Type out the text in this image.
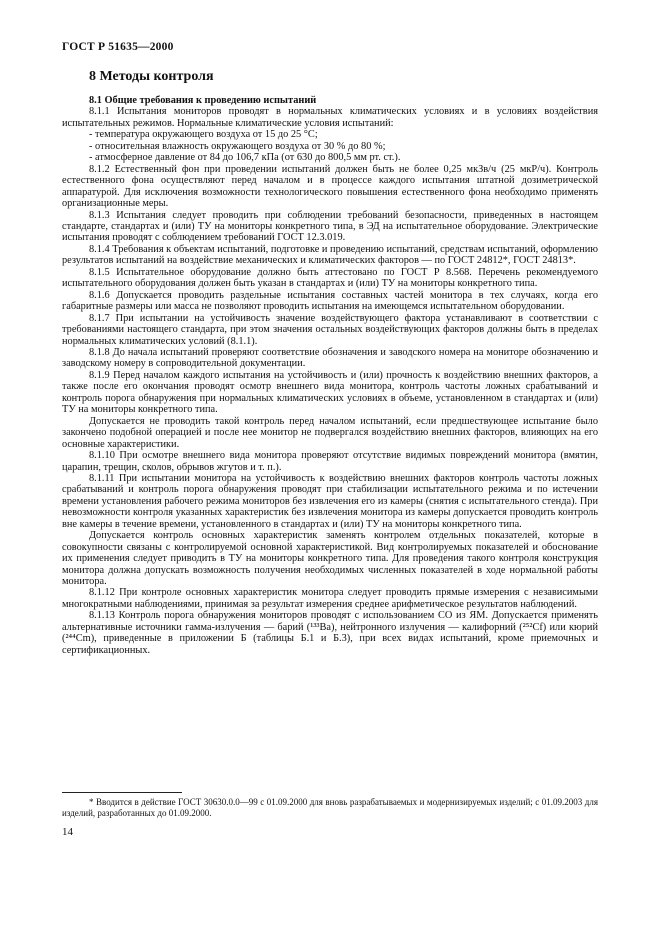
ГОСТ Р 51635—2000
8 Методы контроля

8.1 Общие требования к проведению испытаний

8.1.1 Испытания мониторов проводят в нормальных климатических условиях и в условиях воздействия испытательных режимов. Нормальные климатические условия испытаний:

- температура окружающего воздуха от 15 до 25 °С;

- относительная влажность окружающего воздуха от 30 % до 80 %;

- атмосферное давление от 84 до 106,7 кПа (от 630 до 800,5 мм рт. ст.).

8.1.2 Естественный фон при проведении испытаний должен быть не более 0,25 мкЗв/ч (25 мкР/ч). Контроль естественного фона осуществляют перед началом и в процессе каждого испытания штатной дозиметрической аппаратурой. Для исключения возможности технологического повышения естественного фона необходимо применять организационные меры.

8.1.3 Испытания следует проводить при соблюдении требований безопасности, приведенных в настоящем стандарте, стандартах и (или) ТУ на мониторы конкретного типа, в ЭД на испытательное оборудование. Электрические испытания проводят с соблюдением требований ГОСТ 12.3.019.

8.1.4 Требования к объектам испытаний, подготовке и проведению испытаний, средствам испытаний, оформлению результатов испытаний на воздействие механических и климатических факторов — по ГОСТ 24812*, ГОСТ 24813*.

8.1.5 Испытательное оборудование должно быть аттестовано по ГОСТ Р 8.568. Перечень рекомендуемого испытательного оборудования должен быть указан в стандартах и (или) ТУ на мониторы конкретного типа.

8.1.6 Допускается проводить раздельные испытания составных частей монитора в тех случаях, когда его габаритные размеры или масса не позволяют проводить испытания на имеющемся испытательном оборудовании.

8.1.7 При испытании на устойчивость значение воздействующего фактора устанавливают в соответствии с требованиями настоящего стандарта, при этом значения остальных воздействующих факторов должны быть в пределах нормальных климатических условий (8.1.1).

8.1.8 До начала испытаний проверяют соответствие обозначения и заводского номера на мониторе обозначению и заводскому номеру в сопроводительной документации.

8.1.9 Перед началом каждого испытания на устойчивость и (или) прочность к воздействию внешних факторов, а также после его окончания проводят осмотр внешнего вида монитора, контроль частоты ложных срабатываний и контроль порога обнаружения при нормальных климатических условиях в объеме, установленном в стандартах и (или) ТУ на мониторы конкретного типа.

Допускается не проводить такой контроль перед началом испытаний, если предшествующее испытание было закончено подобной операцией и после нее монитор не подвергался воздействию внешних факторов, влияющих на его основные характеристики.

8.1.10 При осмотре внешнего вида монитора проверяют отсутствие видимых повреждений монитора (вмятин, царапин, трещин, сколов, обрывов жгутов и т. п.).

8.1.11 При испытании монитора на устойчивость к воздействию внешних факторов контроль частоты ложных срабатываний и контроль порога обнаружения проводят при стабилизации испытательного режима и по истечении времени установления рабочего режима мониторов без извлечения его из камеры (снятия с испытательного стенда). При невозможности контроля указанных характеристик без извлечения монитора из камеры допускается проводить контроль вне камеры в течение времени, установленного в стандартах и (или) ТУ на мониторы конкретного типа.

Допускается контроль основных характеристик заменять контролем отдельных показателей, которые в совокупности связаны с контролируемой основной характеристикой. Вид контролируемых показателей и обоснование их применения следует приводить в ТУ на мониторы конкретного типа. Для проведения такого контроля конструкция монитора должна допускать возможность получения необходимых численных показателей в ходе нормальной работы монитора.

8.1.12 При контроле основных характеристик монитора следует проводить прямые измерения с независимыми многократными наблюдениями, принимая за результат измерения среднее арифметическое результатов наблюдений.

8.1.13 Контроль порога обнаружения мониторов проводят с использованием СО из ЯМ. Допускается применять альтернативные источники гамма-излучения — барий (¹³³Ва), нейтронного излучения — калифорний (²⁵²Cf) или кюрий (²⁴⁴Cm), приведенные в приложении Б (таблицы Б.1 и Б.3), при всех видах испытаний, кроме приемочных и сертификационных.

* Вводится в действие ГОСТ 30630.0.0—99 с 01.09.2000 для вновь разрабатываемых и модернизируемых изделий; с 01.09.2003 для изделий, разработанных до 01.09.2000.
14
